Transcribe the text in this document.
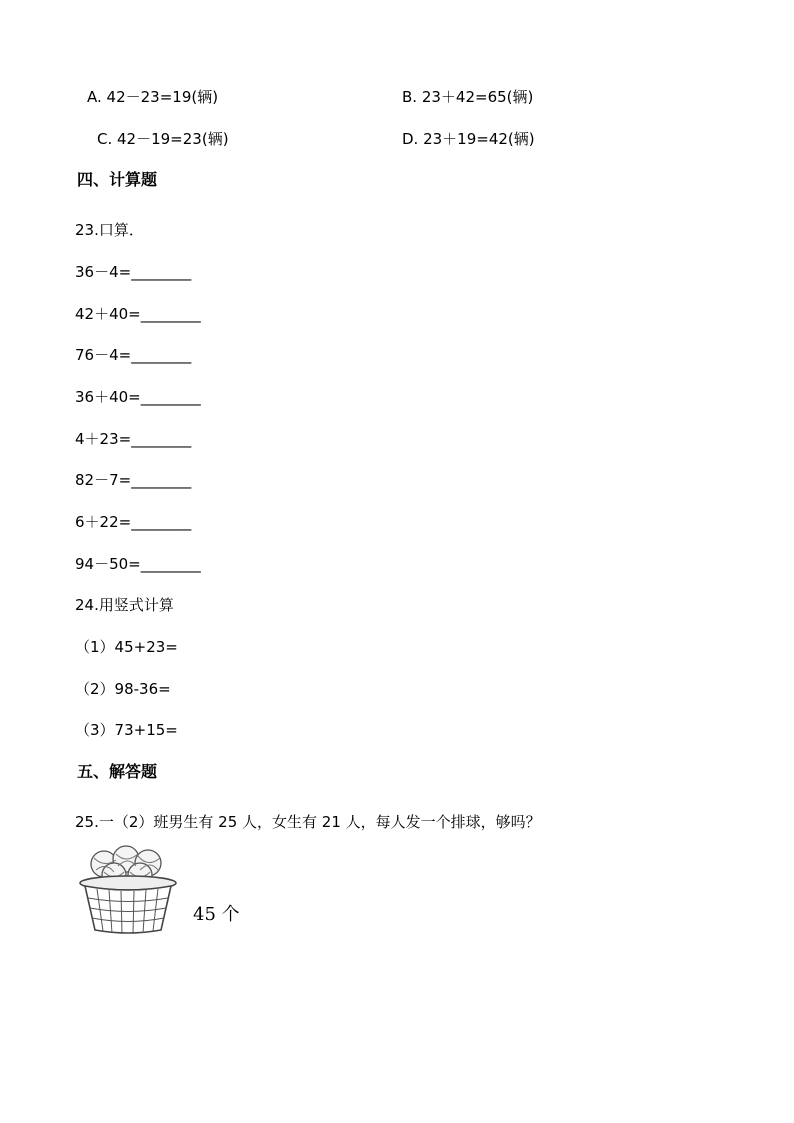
A. 42－23=19(辆)	B. 23＋42=65(辆)
C. 42－19=23(辆)	D. 23＋19=42(辆)
四、计算题
23.口算．
36－4=________
42＋40=________
76－4=________
36＋40=________
4＋23=________
82－7=________
6＋22=________
94－50=________
24.用竖式计算
（1）45+23=
（2）98-36=
（3）73+15=
五、解答题
25.一（2）班男生有 25 人，女生有 21 人，每人发一个排球，够吗？
45 个
